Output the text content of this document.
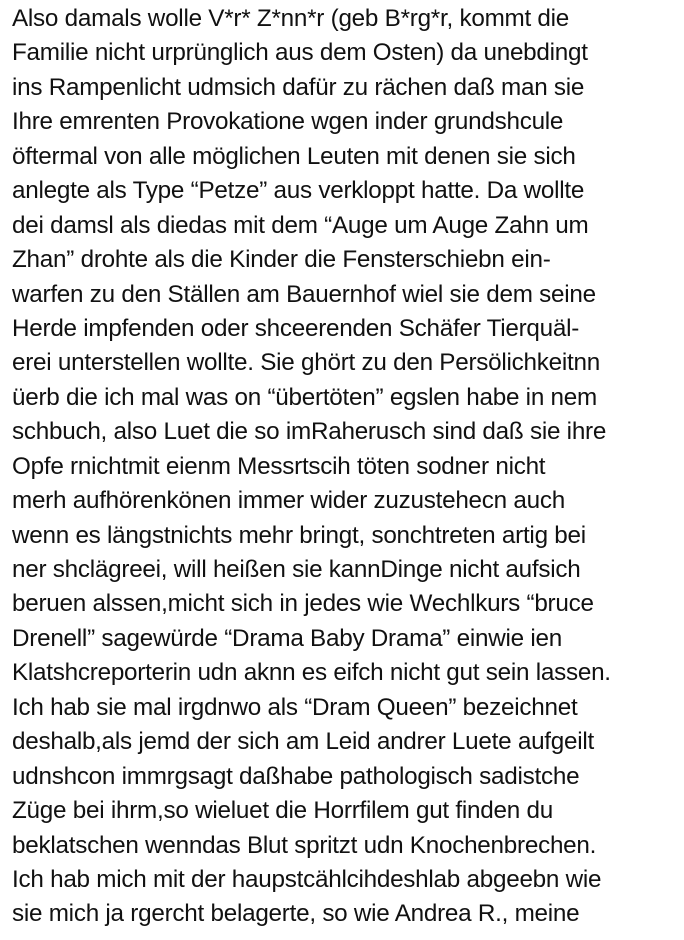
Also damals wolle V*r* Z*nn*r (geb B*rg*r, kommt die
Familie nicht urprünglich aus dem Osten) da unebdingt
ins Rampenlicht udmsich dafür zu rächen daß man sie
Ihre emrenten Provokatione wgen inder grundshcule
öftermal von alle möglichen Leuten mit denen sie sich
anlegte als Type “Petze” aus verkloppt hatte. Da wollte
dei damsl als diedas mit dem “Auge um Auge Zahn um
Zhan” drohte als die Kinder die Fensterschiebn ein-
warfen zu den Ställen am Bauernhof wiel sie dem seine
Herde impfenden oder shceerenden Schäfer Tierquäl-
erei unterstellen wollte. Sie ghört zu den Persölichkeitnn
üerb die ich mal was on “übertöten” egslen habe in nem
schbuch, also Luet die so imRaherusch sind daß sie ihre
Opfe rnichtmit eienm Messrtscih töten sodner nicht
merh aufhörenkönen immer wider zuzustehecn auch
wenn es längstnichts mehr bringt, sonchtreten artig bei
ner shclägreei, will heißen sie kannDinge nicht aufsich
beruen alssen,micht sich in jedes wie Wechlkurs “bruce
Drenell” sagewürde “Drama Baby Drama” einwie ien
Klatshcreporterin udn aknn es eifch nicht gut sein lassen.
Ich hab sie mal irgdnwo als “Dram Queen” bezeichnet
deshalb,als jemd der sich am Leid andrer Luete aufgeilt
udnshcon immrgsagt daßhabe pathologisch sadistche
Züge bei ihrm,so wieluet die Horrfilem gut finden du
beklatschen wenndas Blut spritzt udn Knochenbrechen.
Ich hab mich mit der haupstcählcihdeshlab abgeebn wie
sie mich ja rgercht belagerte, so wie Andrea R., meine
